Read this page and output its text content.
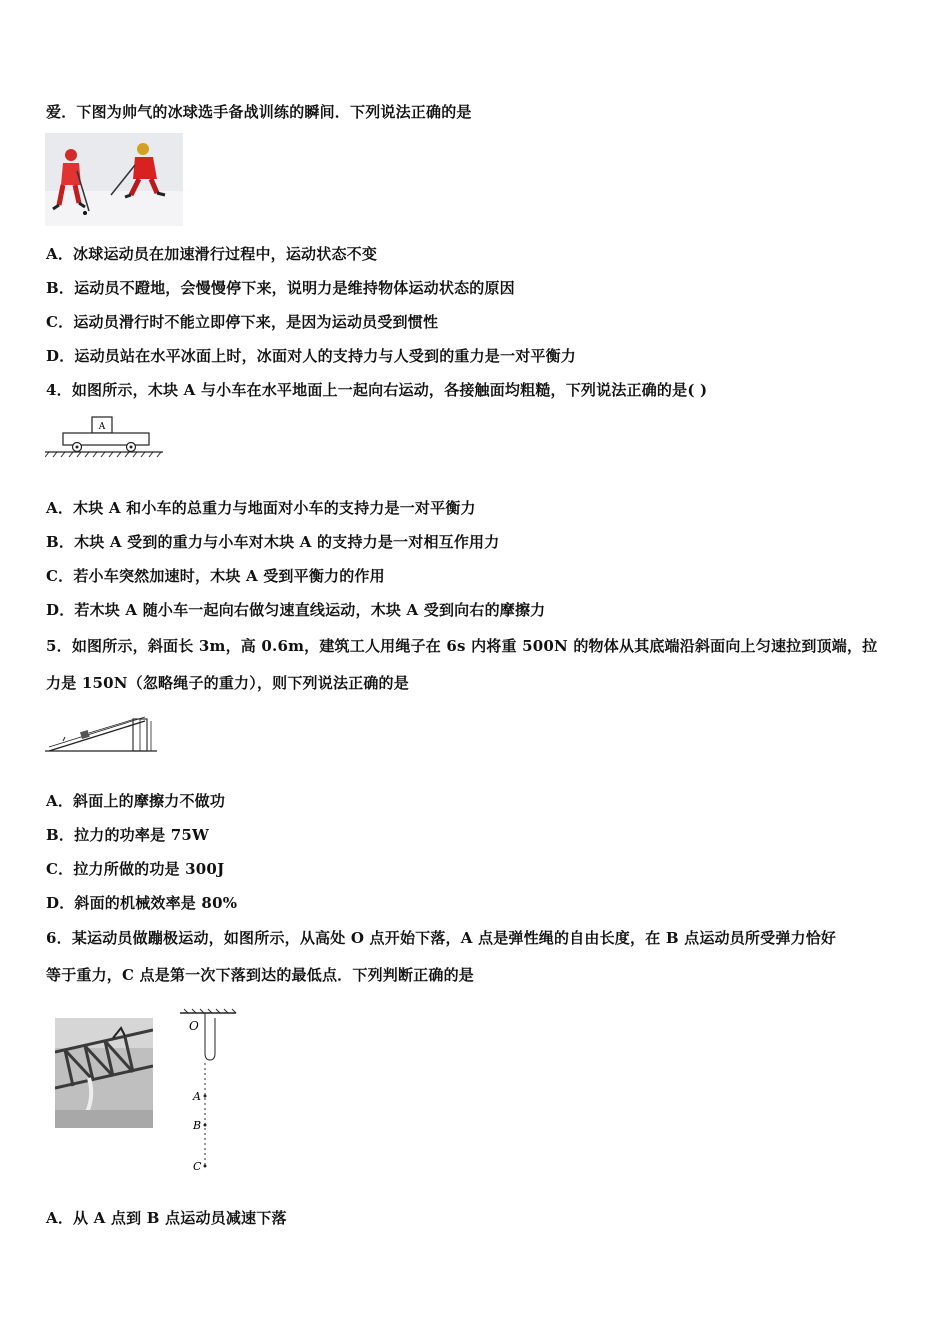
爱．下图为帅气的冰球选手备战训练的瞬间．下列说法正确的是
A．冰球运动员在加速滑行过程中，运动状态不变
B．运动员不蹬地，会慢慢停下来，说明力是维持物体运动状态的原因
C．运动员滑行时不能立即停下来，是因为运动员受到惯性
D．运动员站在水平冰面上时，冰面对人的支持力与人受到的重力是一对平衡力
4．如图所示，木块 A 与小车在水平地面上一起向右运动，各接触面均粗糙，下列说法正确的是( )
A
A．木块 A 和小车的总重力与地面对小车的支持力是一对平衡力
B．木块 A 受到的重力与小车对木块 A 的支持力是一对相互作用力
C．若小车突然加速时，木块 A 受到平衡力的作用
D．若木块 A 随小车一起向右做匀速直线运动，木块 A 受到向右的摩擦力
5．如图所示，斜面长 3m，高 0.6m，建筑工人用绳子在 6s 内将重 500N 的物体从其底端沿斜面向上匀速拉到顶端，拉
力是 150N（忽略绳子的重力），则下列说法正确的是
A．斜面上的摩擦力不做功
B．拉力的功率是 75W
C．拉力所做的功是 300J
D．斜面的机械效率是 80%
6．某运动员做蹦极运动，如图所示，从高处 O 点开始下落，A 点是弹性绳的自由长度，在 B 点运动员所受弹力恰好
等于重力，C 点是第一次下落到达的最低点．下列判断正确的是
O
A
B
C
A．从 A 点到 B 点运动员减速下落
